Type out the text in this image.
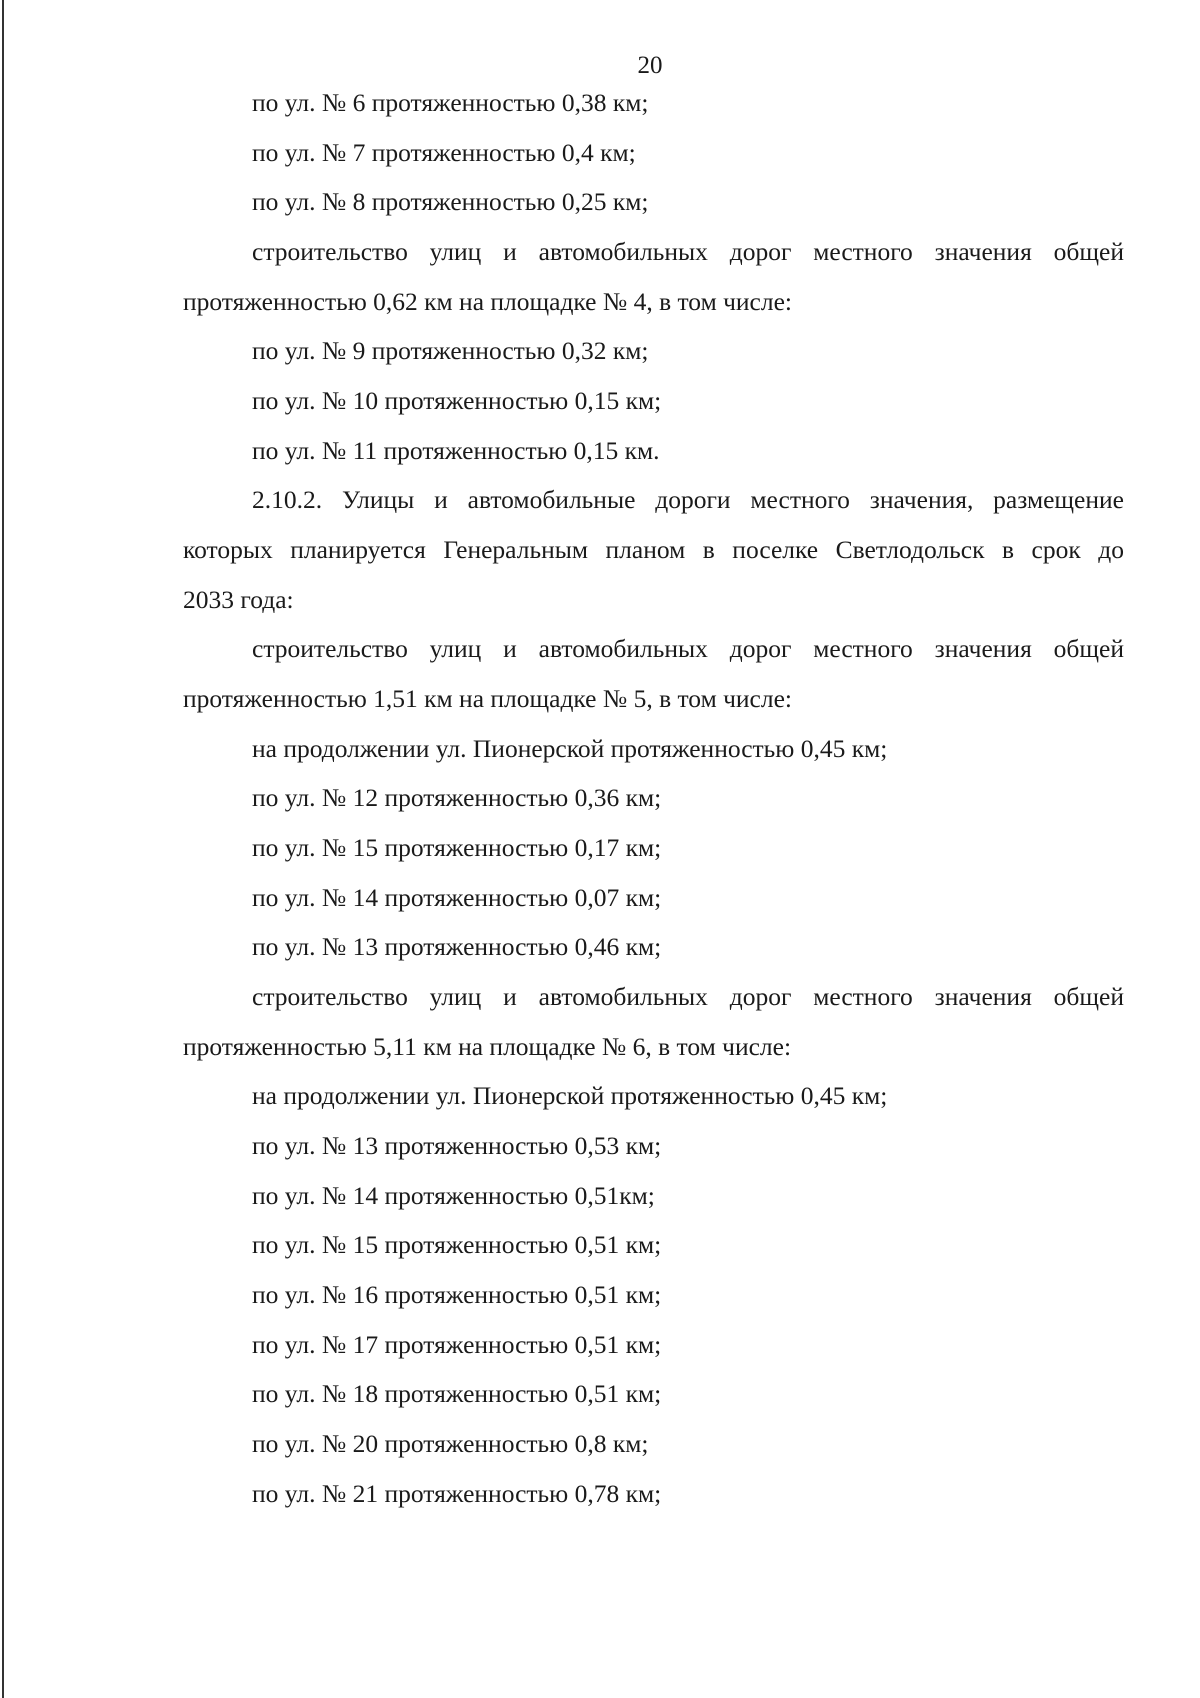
20
по ул. № 6 протяженностью 0,38 км;
по ул. № 7 протяженностью 0,4 км;
по ул. № 8 протяженностью 0,25 км;
строительство улиц и автомобильных дорог местного значения общей
протяженностью 0,62 км на площадке № 4, в том числе:
по ул. № 9 протяженностью 0,32 км;
по ул. № 10 протяженностью 0,15 км;
по ул. № 11 протяженностью 0,15 км.
2.10.2. Улицы и автомобильные дороги местного значения, размещение
которых планируется Генеральным планом в поселке Светлодольск в срок до
2033 года:
строительство улиц и автомобильных дорог местного значения общей
протяженностью 1,51 км на площадке № 5, в том числе:
на продолжении ул. Пионерской протяженностью 0,45 км;
по ул. № 12 протяженностью 0,36 км;
по ул. № 15 протяженностью 0,17 км;
по ул. № 14 протяженностью 0,07 км;
по ул. № 13 протяженностью 0,46 км;
строительство улиц и автомобильных дорог местного значения общей
протяженностью 5,11 км на площадке № 6, в том числе:
на продолжении ул. Пионерской протяженностью 0,45 км;
по ул. № 13 протяженностью 0,53 км;
по ул. № 14 протяженностью 0,51км;
по ул. № 15 протяженностью 0,51 км;
по ул. № 16 протяженностью 0,51 км;
по ул. № 17 протяженностью 0,51 км;
по ул. № 18 протяженностью 0,51 км;
по ул. № 20 протяженностью 0,8 км;
по ул. № 21 протяженностью 0,78 км;
